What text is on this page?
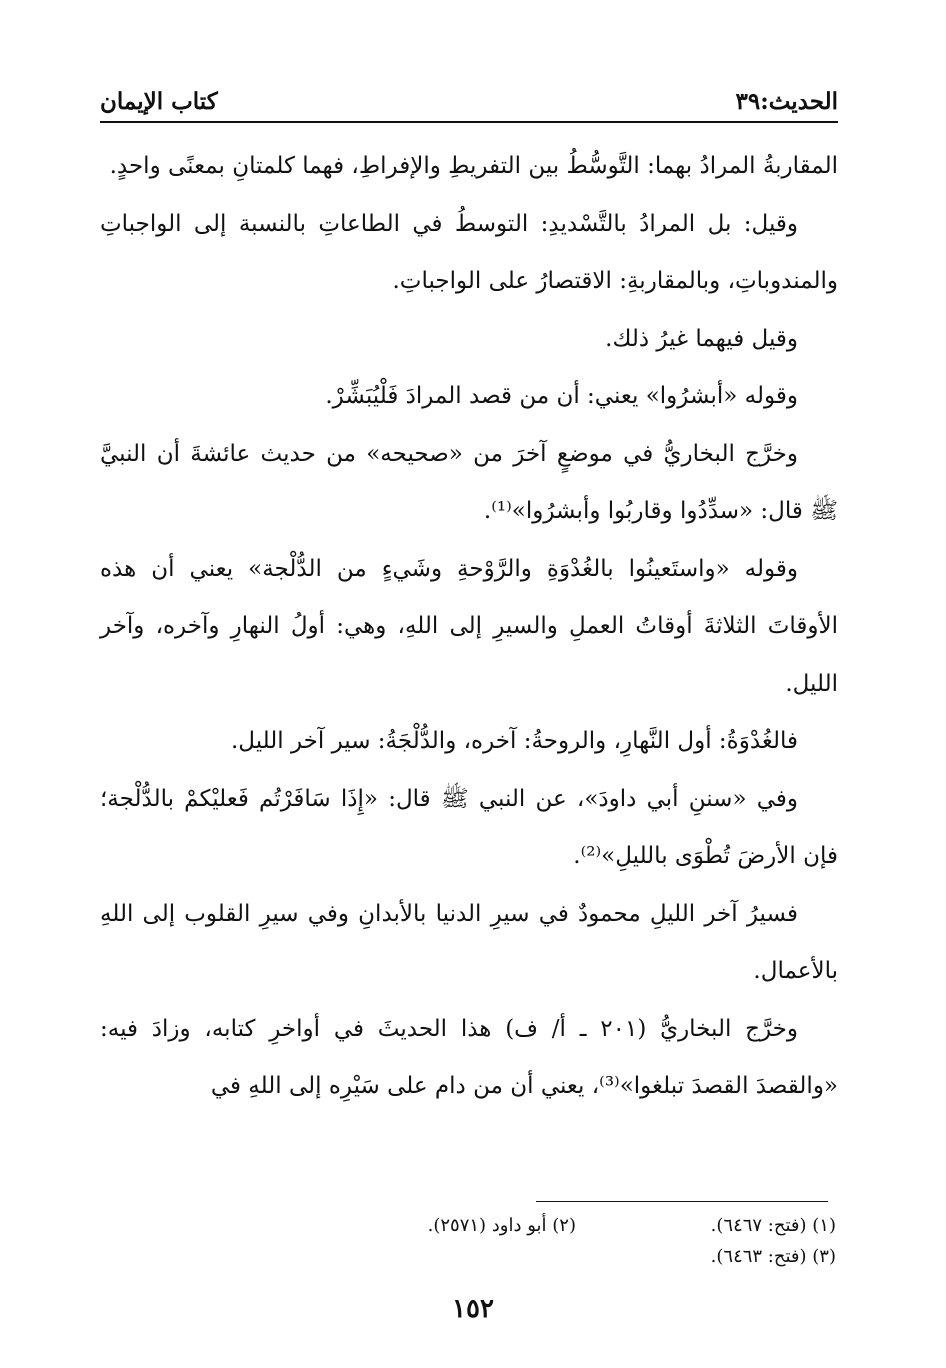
الحديث:٣٩
كتاب الإيمان

المقاربةُ المرادُ بهما: التَّوسُّطُ بين التفريطِ والإفراطِ، فهما كلمتانِ بمعنًى واحدٍ.

وقيل: بل المرادُ بالتَّسْديدِ: التوسطُ في الطاعاتِ بالنسبة إلى الواجباتِ والمندوباتِ، وبالمقاربةِ: الاقتصارُ على الواجباتِ.

وقيل فيهما غيرُ ذلك.

وقوله «أبشرُوا» يعني: أن من قصد المرادَ فَلْيُبَشِّرْ.

وخرَّج البخاريُّ في موضعٍ آخرَ من «صحيحه» من حديث عائشةَ أن النبيَّ ﷺ قال: «سدِّدُوا وقاربُوا وأبشرُوا»⁽¹⁾.

وقوله «واستَعينُوا بالغُدْوَةِ والرَّوْحةِ وشَيءٍ من الدُّلْجة» يعني أن هذه الأوقاتَ الثلاثةَ أوقاتُ العملِ والسيرِ إلى اللهِ، وهي: أولُ النهارِ وآخره، وآخر الليل.

فالغُدْوَةُ: أول النَّهارِ، والروحةُ: آخره، والدُّلْجَةُ: سير آخر الليل.

وفي «سننِ أبي داودَ»، عن النبي ﷺ قال: «إِذَا سَافَرْتُم فَعليْكمْ بالدُّلْجة؛ فإن الأرضَ تُطْوَى بالليلِ»⁽²⁾.

فسيرُ آخر الليلِ محمودٌ في سيرِ الدنيا بالأبدانِ وفي سيرِ القلوب إلى اللهِ بالأعمال.

وخرَّج البخاريُّ (٢٠١ ـ أ/ ف) هذا الحديثَ في أواخرِ كتابه، وزادَ فيه: «والقصدَ القصدَ تبلغوا»⁽³⁾، يعني أن من دام على سَيْرِه إلى اللهِ في

(١) (فتح: ٦٤٦٧).
(٢) أبو داود (٢٥٧١).
(٣) (فتح: ٦٤٦٣).
١٥٢
